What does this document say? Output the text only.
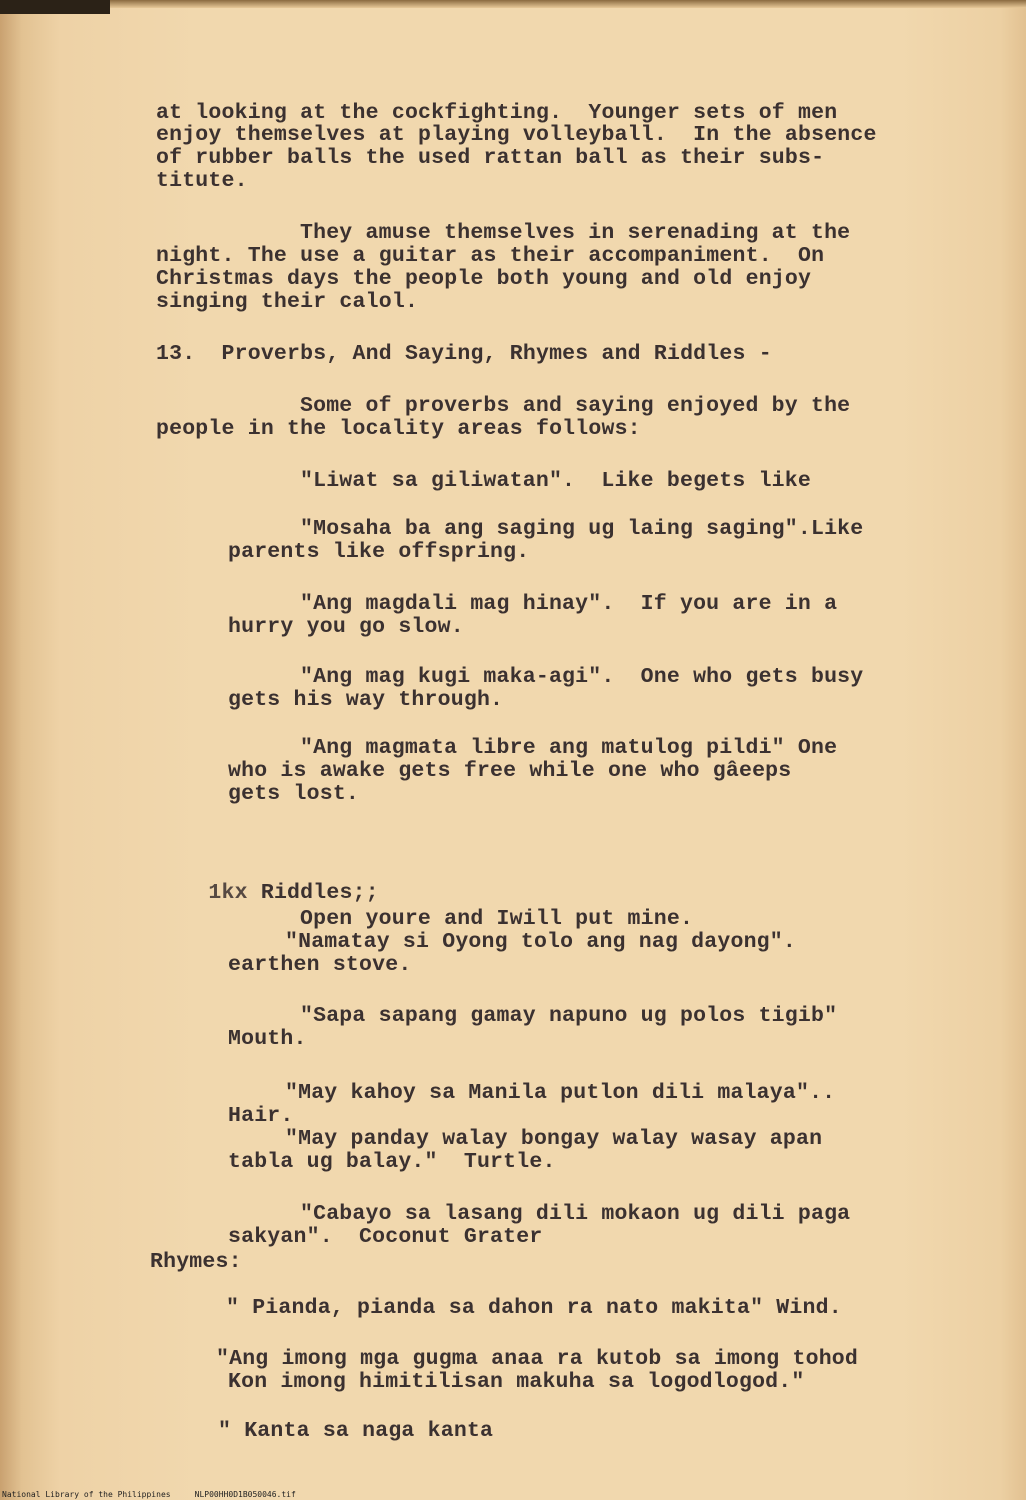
at looking at the cockfighting.  Younger sets of men
enjoy themselves at playing volleyball.  In the absence
of rubber balls the used rattan ball as their subs-
titute.
They amuse themselves in serenading at the
night. The use a guitar as their accompaniment.  On
Christmas days the people both young and old enjoy
singing their calol.
13.  Proverbs, And Saying, Rhymes and Riddles -
Some of proverbs and saying enjoyed by the
people in the locality areas follows:
"Liwat sa giliwatan".  Like begets like
"Mosaha ba ang saging ug laing saging".Like
parents like offspring.
"Ang magdali mag hinay".  If you are in a
hurry you go slow.
"Ang mag kugi maka-agi".  One who gets busy
gets his way through.
"Ang magmata libre ang matulog pildi" One
who is awake gets free while one who gâeeps
gets lost.

1kx Riddles;;

Open youre and Iwill put mine.
"Namatay si Oyong tolo ang nag dayong".
earthen stove.
"Sapa sapang gamay napuno ug polos tigib"
Mouth.
"May kahoy sa Manila putlon dili malaya"..
Hair.
"May panday walay bongay walay wasay apan
tabla ug balay."  Turtle.
"Cabayo sa lasang dili mokaon ug dili paga
sakyan".  Coconut Grater
Rhymes:
" Pianda, pianda sa dahon ra nato makita" Wind.
"Ang imong mga gugma anaa ra kutob sa imong tohod
Kon imong himitilisan makuha sa logodlogod."
" Kanta sa naga kanta
National Library of the Philippines     NLP00HH0D1B050046.tif
